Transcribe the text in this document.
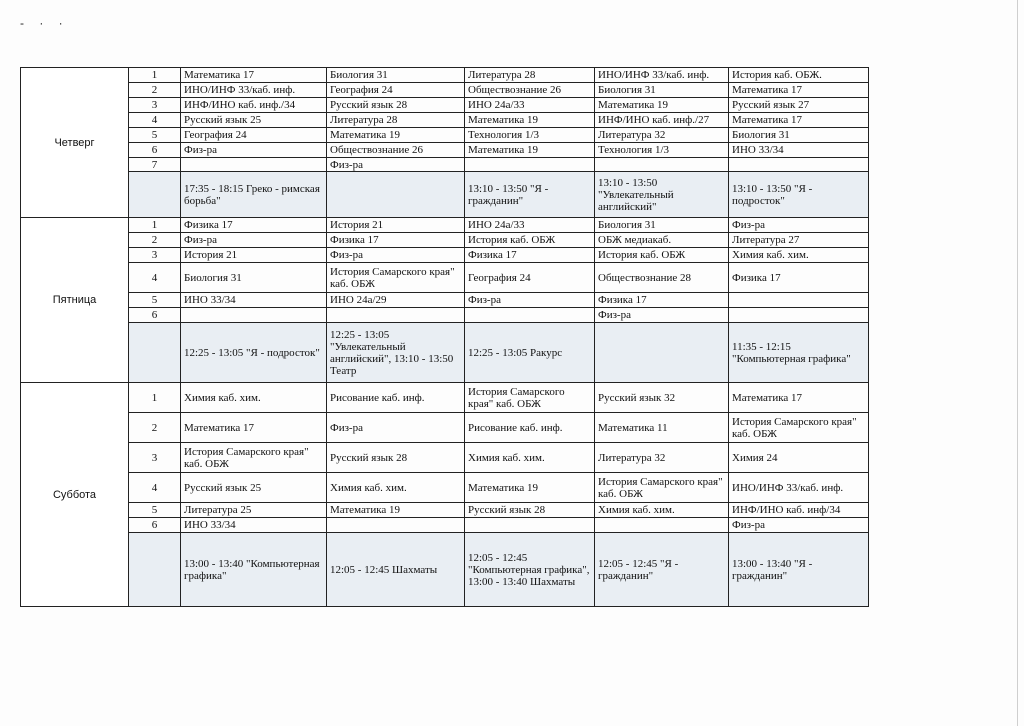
- · ·
Четверг	1	Математика 17	Биология 31	Литература 28	ИНО/ИНФ 33/каб. инф.	История каб. ОБЖ.
	2	ИНО/ИНФ 33/каб. инф.	География 24	Обществознание 26	Биология 31	Математика 17
	3	ИНФ/ИНО каб. инф./34	Русский язык 28	ИНО 24а/33	Математика 19	Русский язык 27
	4	Русский язык 25	Литература 28	Математика 19	ИНФ/ИНО каб. инф./27	Математика 17
	5	География 24	Математика 19	Технология 1/3	Литература 32	Биология 31
	6	Физ-ра	Обществознание 26	Математика 19	Технология 1/3	ИНО 33/34
	7		Физ-ра			
		17:35 - 18:15 Греко - римская борьба"		13:10 - 13:50 "Я - гражданин"	13:10 - 13:50 "Увлекательный английский"	13:10 - 13:50 "Я - подросток"
Пятница	1	Физика 17	История 21	ИНО 24а/33	Биология 31	Физ-ра
	2	Физ-ра	Физика 17	История каб. ОБЖ	ОБЖ медиакаб.	Литература 27
	3	История 21	Физ-ра	Физика 17	История каб. ОБЖ	Химия каб. хим.
	4	Биология 31	История Самарского края" каб. ОБЖ	География 24	Обществознание 28	Физика 17
	5	ИНО 33/34	ИНО 24а/29	Физ-ра	Физика 17	
	6				Физ-ра	
		12:25 - 13:05 "Я - подросток"	12:25 - 13:05 "Увлекательный английский", 13:10 - 13:50 Театр	12:25 - 13:05 Ракурс		11:35 - 12:15 "Компьютерная графика"
Суббота	1	Химия каб. хим.	Рисование каб. инф.	История Самарского края" каб. ОБЖ	Русский язык 32	Математика 17
	2	Математика 17	Физ-ра	Рисование каб. инф.	Математика 11	История Самарского края" каб. ОБЖ
	3	История Самарского края" каб. ОБЖ	Русский язык 28	Химия каб. хим.	Литература 32	Химия 24
	4	Русский язык 25	Химия каб. хим.	Математика 19	История Самарского края" каб. ОБЖ	ИНО/ИНФ 33/каб. инф.
	5	Литература 25	Математика 19	Русский язык 28	Химия каб. хим.	ИНФ/ИНО каб. инф/34
	6	ИНО 33/34				Физ-ра
		13:00 - 13:40 "Компьютерная графика"	12:05 - 12:45 Шахматы	12:05 - 12:45 "Компьютерная графика", 13:00 - 13:40 Шахматы	12:05 - 12:45 "Я - гражданин"	13:00 - 13:40 "Я - гражданин"
